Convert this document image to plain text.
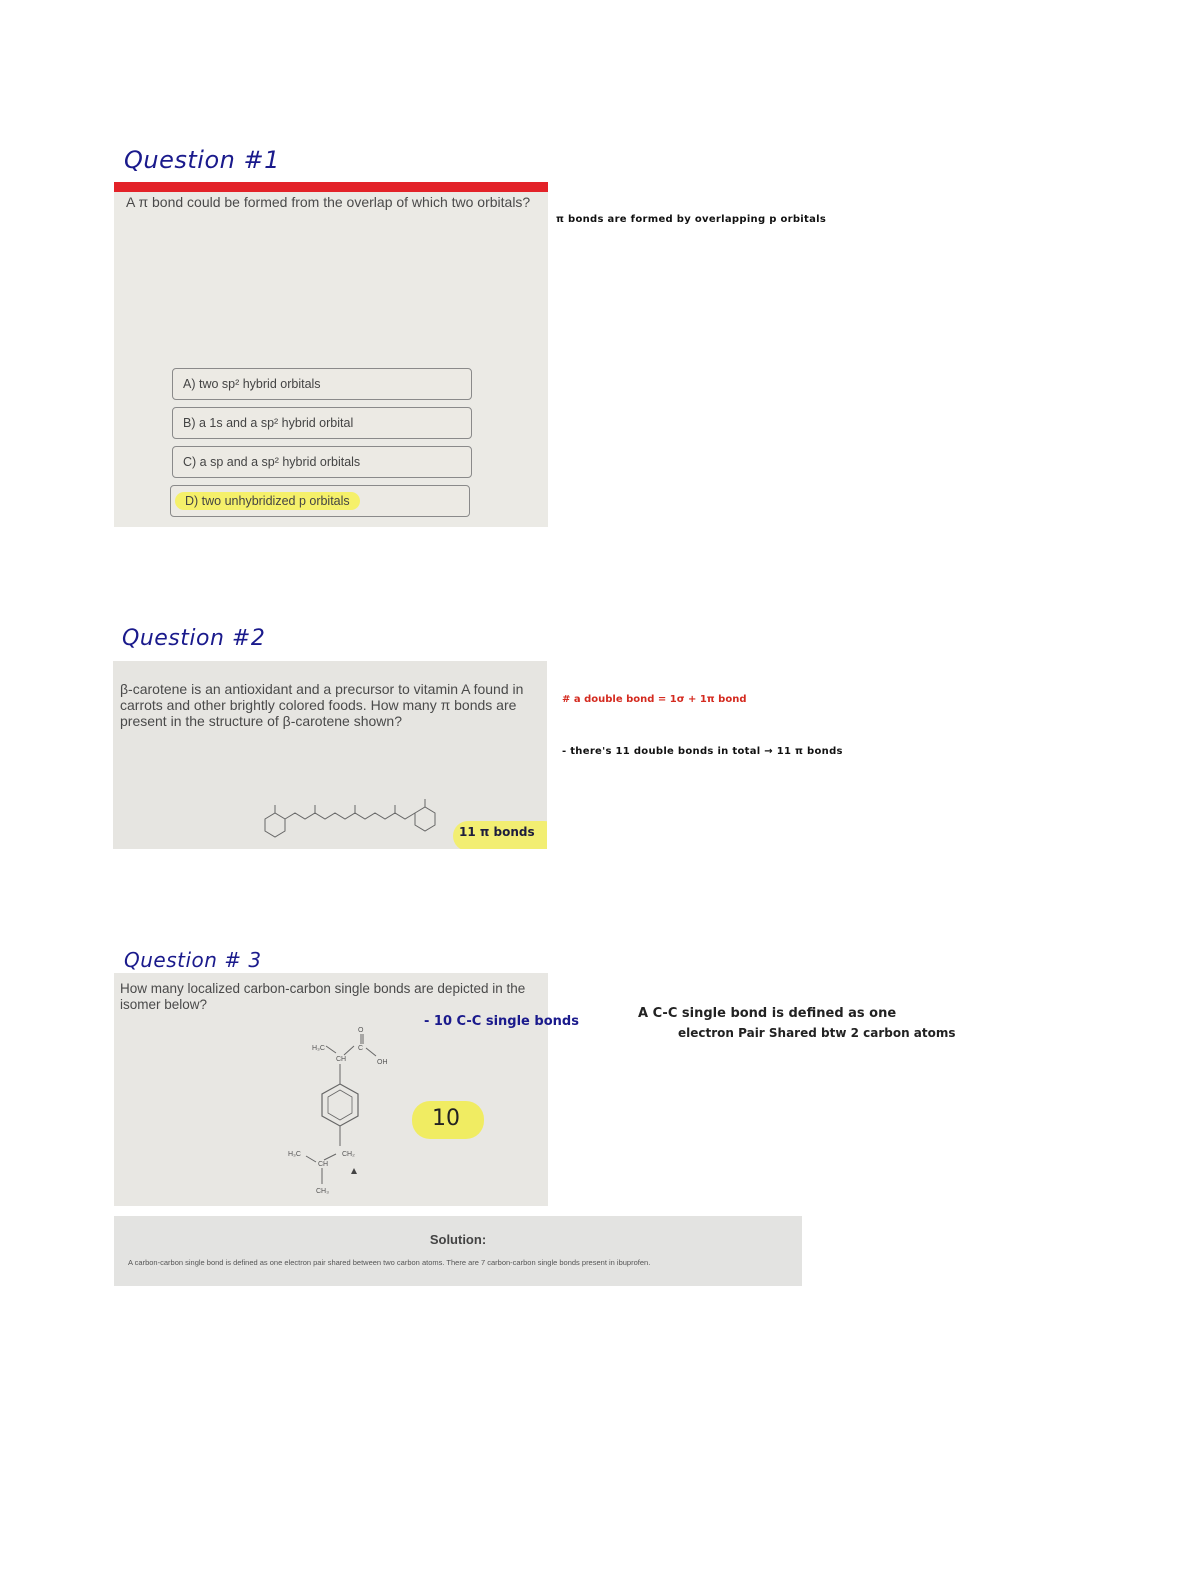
Question #1
A π bond could be formed from the overlap of which two orbitals?
A) two sp² hybrid orbitals
B) a 1s and a sp² hybrid orbital
C) a sp and a sp² hybrid orbitals
D) two unhybridized p orbitals
π bonds are formed by overlapping p orbitals
Question #2
β-carotene is an antioxidant and a precursor to vitamin A found in carrots and other brightly colored foods. How many π bonds are present in the structure of β-carotene shown?
11 π bonds
# a double bond = 1σ + 1π bond
- there's 11 double bonds in total → 11 π bonds
Question # 3
How many localized carbon-carbon single bonds are depicted in the isomer below?
H₃C
CH
O
C
OH
CH₂
CH
H₃C
CH₃
10
- 10 C-C single bonds
A C-C single bond is defined as one
electron Pair Shared btw 2 carbon atoms
Solution:
A carbon-carbon single bond is defined as one electron pair shared between two carbon atoms. There are 7 carbon-carbon single bonds present in ibuprofen.
